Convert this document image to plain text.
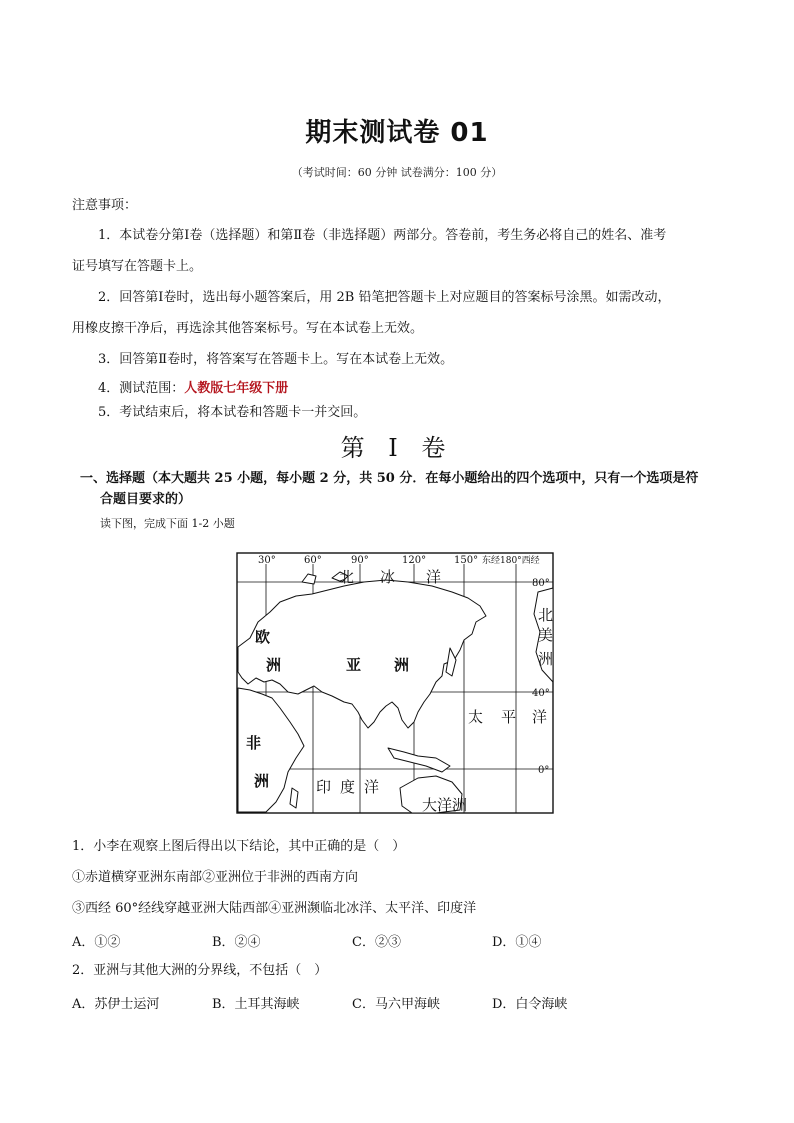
期末测试卷 01
（考试时间：60 分钟 试卷满分：100 分）
注意事项：
1．本试卷分第Ⅰ卷（选择题）和第Ⅱ卷（非选择题）两部分。答卷前，考生务必将自己的姓名、准考
证号填写在答题卡上。
2．回答第Ⅰ卷时，选出每小题答案后，用 2B 铅笔把答题卡上对应题目的答案标号涂黑。如需改动，
用橡皮擦干净后，再选涂其他答案标号。写在本试卷上无效。
3．回答第Ⅱ卷时，将答案写在答题卡上。写在本试卷上无效。
4．测试范围：人教版七年级下册
5．考试结束后，将本试卷和答题卡一并交回。
第 I 卷
一、选择题（本大题共 25 小题，每小题 2 分，共 50 分．在每小题给出的四个选项中，只有一个选项是符
合题目要求的）
读下图，完成下面 1-2 小题
30°	60°	90°	120°	150° 东经180°西经
80°
40°
0°
北 冰 洋
欧
洲	亚 洲
非
洲
北
美
洲
太 平 洋
印 度 洋
大洋洲
1．小李在观察上图后得出以下结论，其中正确的是（　）
①赤道横穿亚洲东南部②亚洲位于非洲的西南方向
③西经 60°经线穿越亚洲大陆西部④亚洲濒临北冰洋、太平洋、印度洋
A．①②	B．②④	C．②③	D．①④
2．亚洲与其他大洲的分界线，不包括（　）
A．苏伊士运河	B．土耳其海峡	C．马六甲海峡	D．白令海峡
